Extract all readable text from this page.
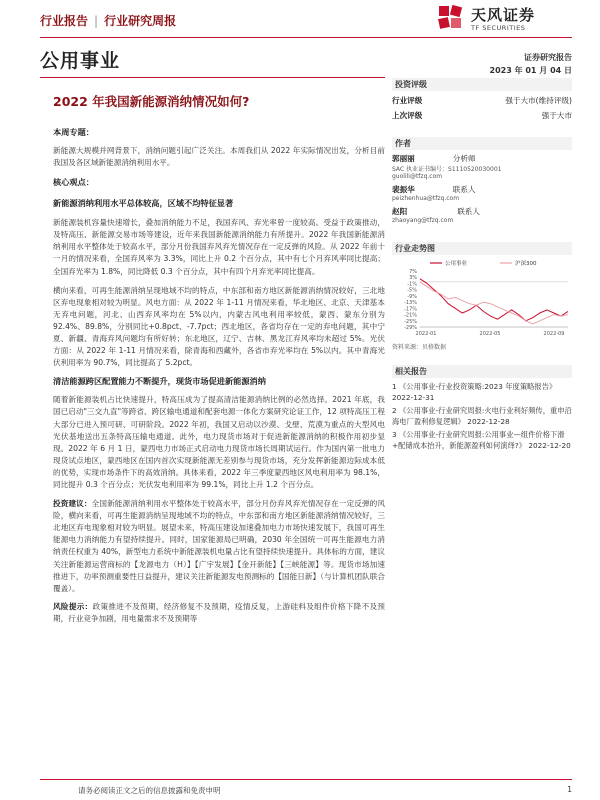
行业报告 | 行业研究周报	天风证券
TF SECURITIES
公用事业	证券研究报告
2023 年 01 月 04 日
2022 年我国新能源消纳情况如何?
本周专题：

新能源大规模并网背景下，消纳问题引起广泛关注。本周我们从 2022 年实际情况出发，分析目前我国及各区域新能源消纳利用水平。

核心观点：
新能源消纳利用水平总体较高，区域不均特征显著

新能源装机容量快速增长，叠加消纳能力不足，我国弃风、弃光率曾一度较高。受益于政策推动，及特高压、新能源交易市场等建设，近年来我国新能源消纳能力有所提升。2022 年我国新能源消纳利用水平整体处于较高水平，部分月份我国弃风弃光情况存在一定反弹的风险。从 2022 年前十一月的情况来看，全国弃风率为 3.3%，同比上升 0.2 个百分点，其中有七个月弃风率同比提高；全国弃光率为 1.8%，同比降低 0.3 个百分点，其中有四个月弃光率同比提高。

横向来看，可再生能源消纳呈现地域不均的特点，中东部和南方地区新能源消纳情况较好，三北地区弃电现象相对较为明显。风电方面：从 2022 年 1-11 月情况来看，华北地区、北京、天津基本无弃电问题，河北、山西弃风率均在 5%以内，内蒙古风电利用率较低，蒙西、蒙东分别为 92.4%、89.8%，分别同比+0.8pct、-7.7pct；西北地区，各省均存在一定的弃电问题，其中宁夏、新疆、青海弃风问题均有所好转；东北地区，辽宁、吉林、黑龙江弃风率均未超过 5%。光伏方面：从 2022 年 1-11 月情况来看，除青海和西藏外，各省市弃光率均在 5%以内。其中青海光伏利用率为 90.7%，同比提高了 5.2pct。

清洁能源跨区配置能力不断提升，现货市场促进新能源消纳

随着新能源装机占比快速提升，特高压成为了提高清洁能源消纳比例的必然选择。2021 年底，我国已启动"三交九直"等跨省、跨区输电通道和配套电源一体化方案研究论证工作，12 项特高压工程大部分已进入预可研、可研阶段。2022 年初，我国又启动以沙漠、戈壁、荒漠为重点的大型风电光伏基地送出五条特高压输电通道。此外，电力现货市场对于促进新能源消纳的积极作用初步显现。2022 年 6 月 1 日，蒙西电力市场正式启动电力现货市场长周期试运行。作为国内第一批电力现货试点地区，蒙西地区在国内首次实现新能源无差别参与现货市场，充分发挥新能源边际成本低的优势，实现市场条件下的高效消纳。具体来看，2022 年三季度蒙西地区风电利用率为 98.1%，同比提升 0.3 个百分点；光伏发电利用率为 99.1%，同比上升 1.2 个百分点。

投资建议：全国新能源消纳利用水平整体处于较高水平，部分月份弃风弃光情况存在一定反弹的风险，横向来看，可再生能源消纳呈现地域不均的特点，中东部和南方地区新能源消纳情况较好，三北地区弃电现象相对较为明显。展望未来，特高压建设加速叠加电力市场快速发展下，我国可再生能源电力消纳能力有望持续提升。同时，国家能源局已明确，2030 年全国统一可再生能源电力消纳责任权重为 40%，新型电力系统中新能源装机电量占比有望持续快速提升。具体标的方面，建议关注新能源运营商标的【龙源电力（H）】【广宇发展】【金开新能】【三峡能源】等。现货市场加速推进下，功率预测重要性日益提升，建议关注新能源发电预测标的【国能日新】（与计算机团队联合覆盖）。

风险提示：政策推进不及预期，经济修复不及预期，疫情反复，上游硅料及组件价格下降不及预期，行业竞争加剧，用电量需求不及预期等

投资评级
行业评级	强于大市(维持评级)
上次评级	强于大市
作者
郭丽丽	分析师
SAC 执业证书编号：S1110520030001
guolili@tfzq.com
裴振华	联系人
peizhenhua@tfzq.com
赵阳	联系人
zhaoyang@tfzq.com
行业走势图
7%
3%
-1%
-5%
-9%
-13%
-17%
-21%
-25%
-29%
2022-01	2022-05	2022-09
公用事业	沪深300
资料来源：贝格数据
相关报告
1 《公用事业-行业投资策略:2023 年度策略报告》 2022-12-31
2 《公用事业-行业研究周报:火电行业利好频传，重申沿海电厂盈利修复逻辑》 2022-12-28
3 《公用事业-行业研究周报:公用事业—组件价格下滑+配储成本抬升，新能源盈利如何演绎?》 2022-12-20
请务必阅读正文之后的信息披露和免责申明	1
